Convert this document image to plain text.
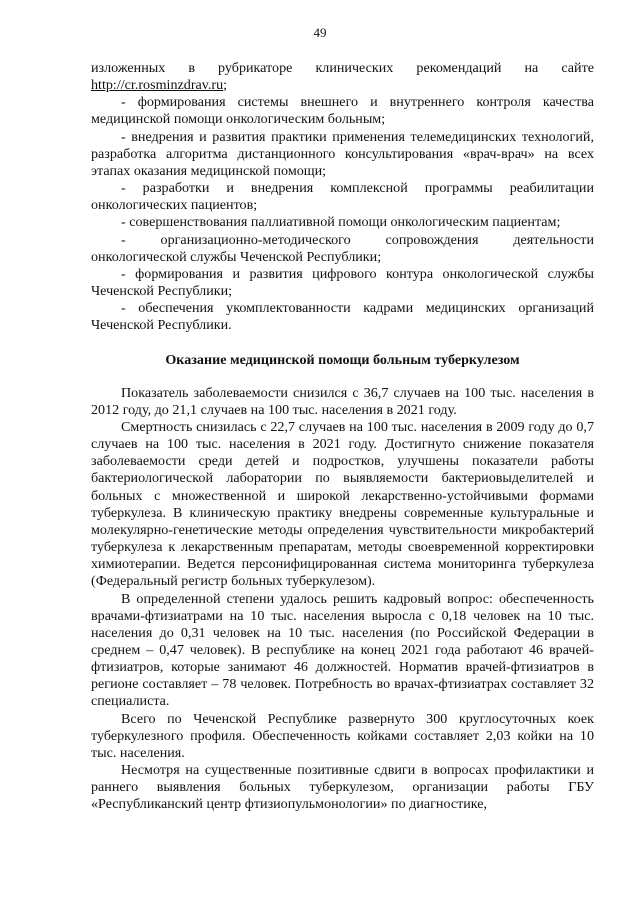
49

изложенных в рубрикаторе клинических рекомендаций на сайте http://cr.rosminzdrav.ru;

- формирования системы внешнего и внутреннего контроля качества медицинской помощи онкологическим больным;

- внедрения и развития практики применения телемедицинских технологий, разработка алгоритма дистанционного консультирования «врач-врач» на всех этапах оказания медицинской помощи;

- разработки и внедрения комплексной программы реабилитации онкологических пациентов;

- совершенствования паллиативной помощи онкологическим пациентам;

- организационно-методического сопровождения деятельности онкологической службы Чеченской Республики;

- формирования и развития цифрового контура онкологической службы Чеченской Республики;

- обеспечения укомплектованности кадрами медицинских организаций Чеченской Республики.

Оказание медицинской помощи больным туберкулезом

Показатель заболеваемости снизился с 36,7 случаев на 100 тыс. населения в 2012 году, до 21,1 случаев на 100 тыс. населения в 2021 году.

Смертность снизилась с 22,7 случаев на 100 тыс. населения в 2009 году до 0,7 случаев на 100 тыс. населения в 2021 году. Достигнуто снижение показателя заболеваемости среди детей и подростков, улучшены показатели работы бактериологической лаборатории по выявляемости бактериовыделителей и больных с множественной и широкой лекарственно-устойчивыми формами туберкулеза. В клиническую практику внедрены современные культуральные и молекулярно-генетические методы определения чувствительности микробактерий туберкулеза к лекарственным препаратам, методы своевременной корректировки химиотерапии. Ведется персонифицированная система мониторинга туберкулеза (Федеральный регистр больных туберкулезом).

В определенной степени удалось решить кадровый вопрос: обеспеченность врачами-фтизиатрами на 10 тыс. населения выросла с 0,18 человек на 10 тыс. населения до 0,31 человек на 10 тыс. населения (по Российской Федерации в среднем – 0,47 человек). В республике на конец 2021 года работают 46 врачей-фтизиатров, которые занимают 46 должностей. Норматив врачей-фтизиатров в регионе составляет – 78 человек. Потребность во врачах-фтизиатрах составляет 32 специалиста.

Всего по Чеченской Республике развернуто 300 круглосуточных коек туберкулезного профиля. Обеспеченность койками составляет 2,03 койки на 10 тыс. населения.

Несмотря на существенные позитивные сдвиги в вопросах профилактики и раннего выявления больных туберкулезом, организации работы ГБУ «Республиканский центр фтизиопульмонологии» по диагностике,
